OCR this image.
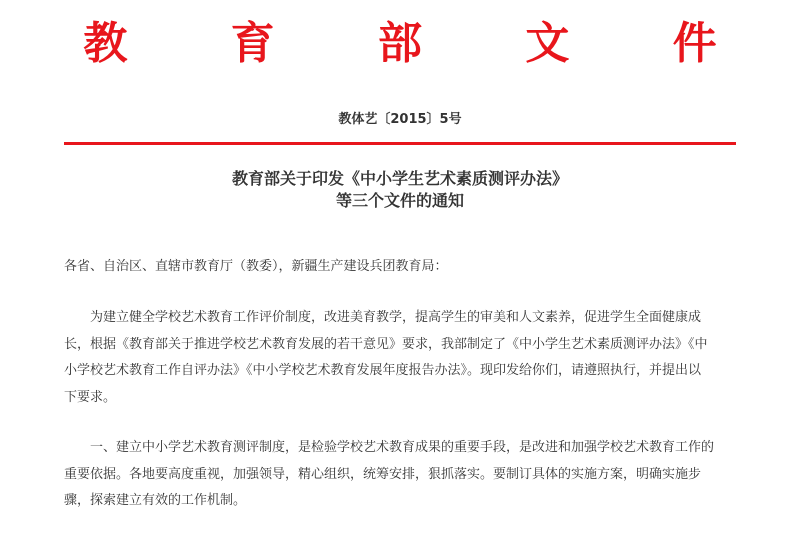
教 育 部 文 件
教体艺〔2015〕5号
教育部关于印发《中小学生艺术素质测评办法》
等三个文件的通知
各省、自治区、直辖市教育厅（教委），新疆生产建设兵团教育局：
为建立健全学校艺术教育工作评价制度，改进美育教学，提高学生的审美和人文素养，促进学生全面健康成
长，根据《教育部关于推进学校艺术教育发展的若干意见》要求，我部制定了《中小学生艺术素质测评办法》《中
小学校艺术教育工作自评办法》《中小学校艺术教育发展年度报告办法》。现印发给你们，请遵照执行，并提出以
下要求。
一、建立中小学艺术教育测评制度，是检验学校艺术教育成果的重要手段，是改进和加强学校艺术教育工作的
重要依据。各地要高度重视，加强领导，精心组织，统筹安排，狠抓落实。要制订具体的实施方案，明确实施步
骤，探索建立有效的工作机制。
